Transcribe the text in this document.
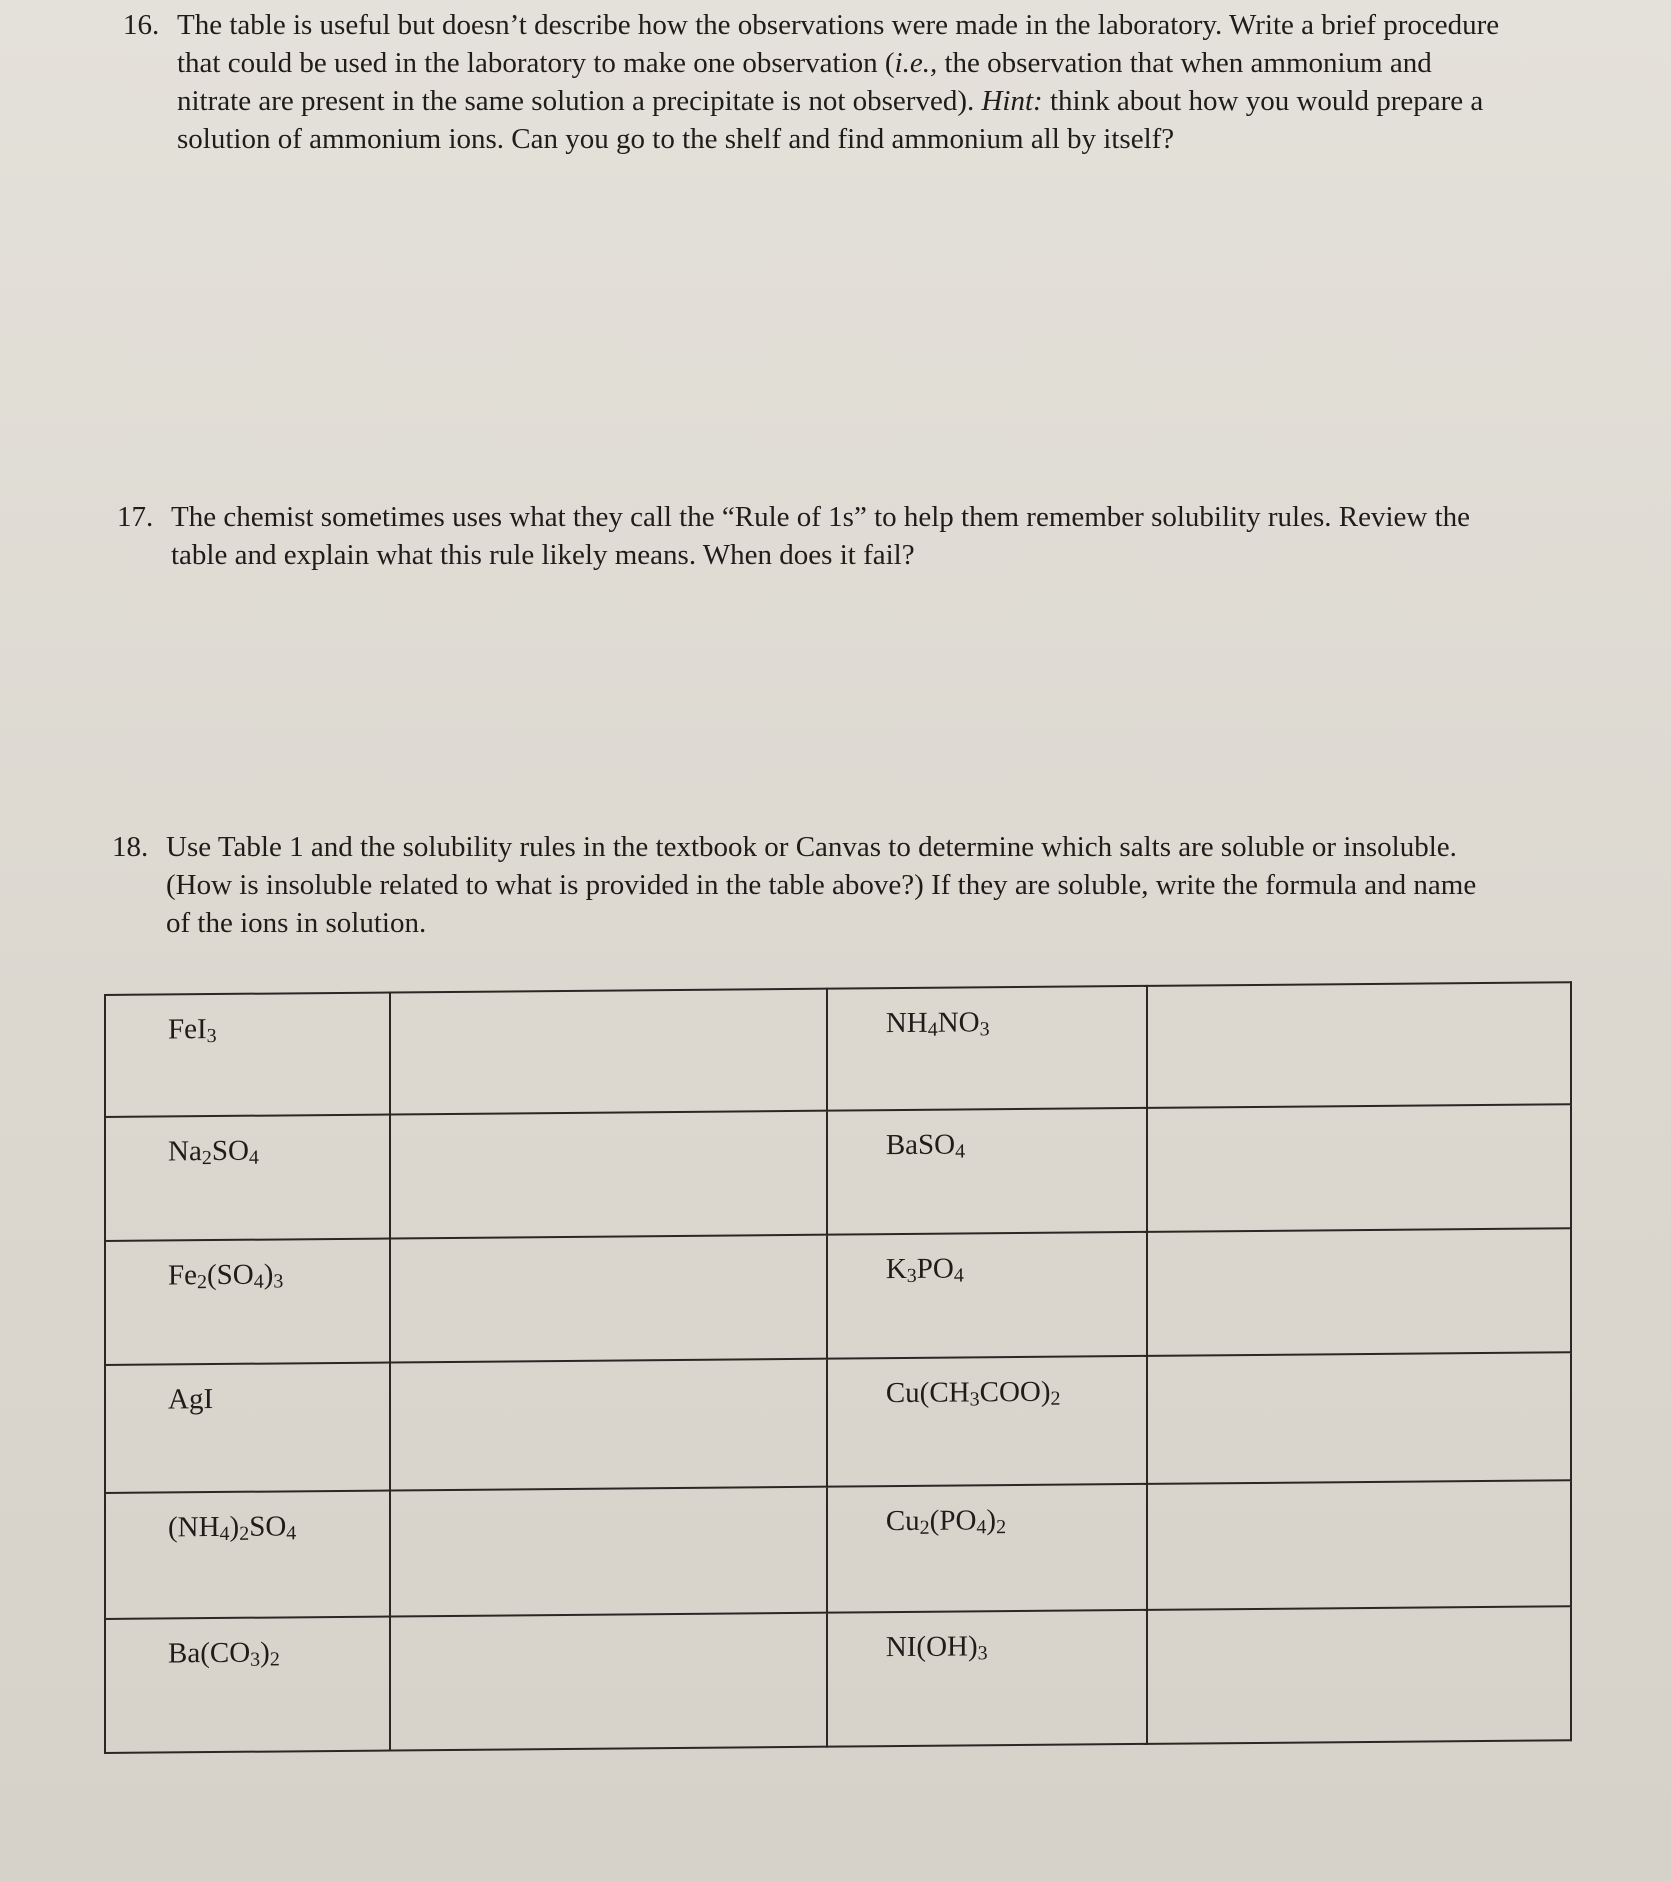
16. The table is useful but doesn’t describe how the observations were made in the laboratory. Write a brief procedure that could be used in the laboratory to make one observation (i.e., the observation that when ammonium and nitrate are present in the same solution a precipitate is not observed). Hint: think about how you would prepare a solution of ammonium ions. Can you go to the shelf and find ammonium all by itself?
17. The chemist sometimes uses what they call the “Rule of 1s” to help them remember solubility rules. Review the table and explain what this rule likely means. When does it fail?
18. Use Table 1 and the solubility rules in the textbook or Canvas to determine which salts are soluble or insoluble. (How is insoluble related to what is provided in the table above?) If they are soluble, write the formula and name of the ions in solution.
FeI$_3$		$NH_4NO_3$	
$Na_2SO_4$		BaSO$_4$	
$Fe_2(SO_4)_3$		$K_3PO_4$	
AgI		$Cu(CH_3COO)_2$	
$(NH_4)_2SO_4$		$Cu_2(PO_4)_2$	
$Ba(CO_3)_2$		$NI(OH)_3$	
